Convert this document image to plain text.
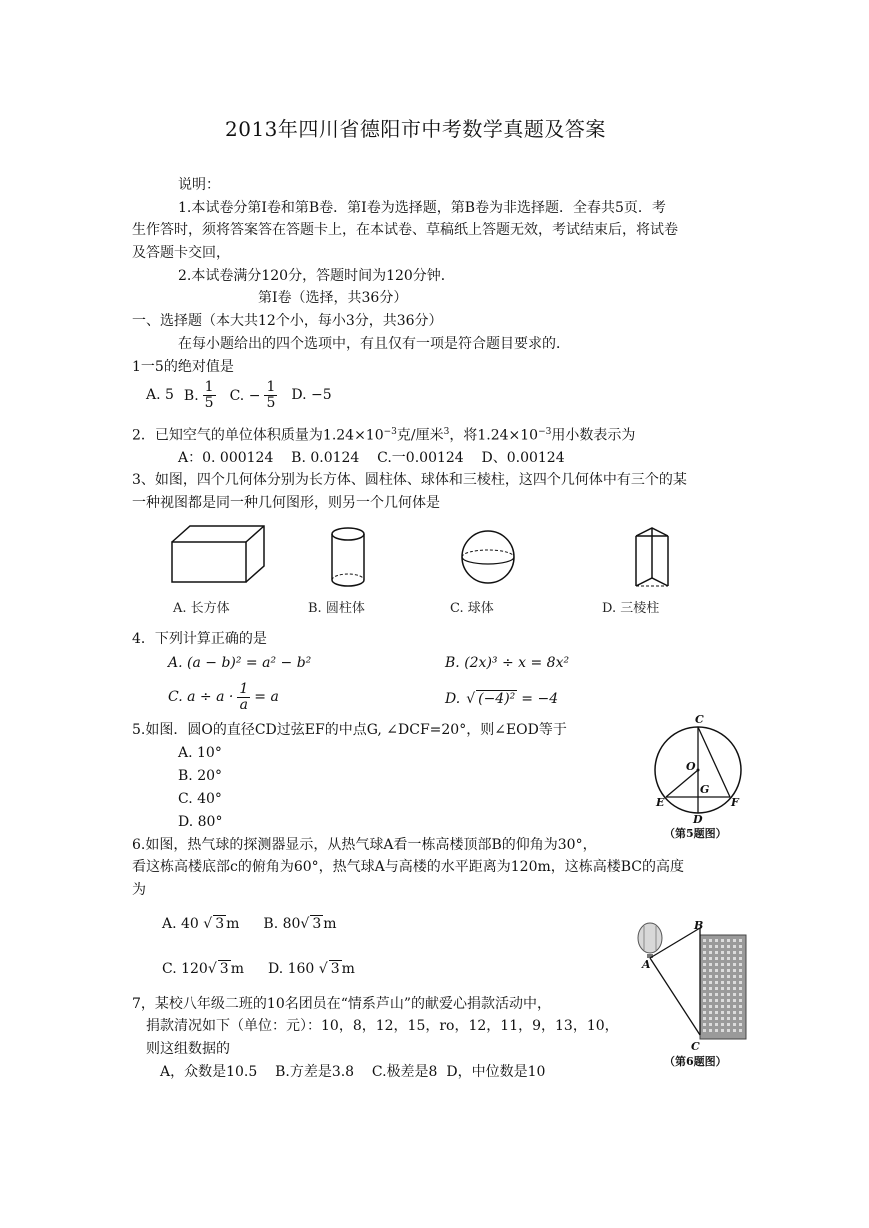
2013年四川省德阳市中考数学真题及答案
说明：
1.本试卷分第Ⅰ卷和第B卷．第Ⅰ卷为选择题，第B卷为非选择题．全春共5页．考
生作答时，须将答案答在答题卡上，在本试卷、草稿纸上答题无效，考试结束后，将试卷
及答题卡交回，
2.本试卷满分120分，答题时间为120分钟．
第Ⅰ卷（选择，共36分）
一、选择题（本大共12个小，每小3分，共36分）
在每小题给出的四个选项中，有且仅有一项是符合题目要求的．
1一5的绝对值是
A. 5 B. $\frac{1}{5} C$. − $\frac{1}{5} D$. −5
2．已知空气的单位体积质量为$1.24\times 10^{-3}$克/厘米$^3$，将$1.24\times 10^{-3}$用小数表示为
A：0. 000124    B. 0.0124    C.一0.00124    D、0.00124
3、如图，四个几何体分别为长方体、圆柱体、球体和三棱柱，这四个几何体中有三个的某
一种视图都是同一种几何图形，则另一个几何体是
A. 长方体	B. 圆柱体	C. 球体	D. 三棱柱
4．下列计算正确的是
A. (a − b)² = a² − b²	B. (2x)³ ÷ x = 8x²
C. $a \div a \cdot \frac{1}{a} = a$	D. √ (−4)² = −4
5.如图．圆O的直径CD过弦EF的中点G, ∠DCF=20°，则∠EOD等于
A. 10°
B. 20°
C. 40°
D. 80°
C
O
G
E	F
D
（第5题图）
6.如图，热气球的探测器显示，从热气球A看一栋高楼顶部B的仰角为30°，
看这栋高楼底部c的俯角为60°，热气球A与高楼的水平距离为120m，这栋高楼BC的高度
为
A. 40 √ 3 m B. 80√ 3 m
C. 120√ 3 m D. 160 √ 3 m	A
B
C
（第6题图）
7，某校八年级二班的10名团员在“情系芦山”的献爱心捐款活动中，
捐款清况如下（单位：元）：10，8，12，15，ro，12，11，9，13，10，
则这组数据的
A，众数是10.5    B.方差是3.8    C.极差是8  D，中位数是10
